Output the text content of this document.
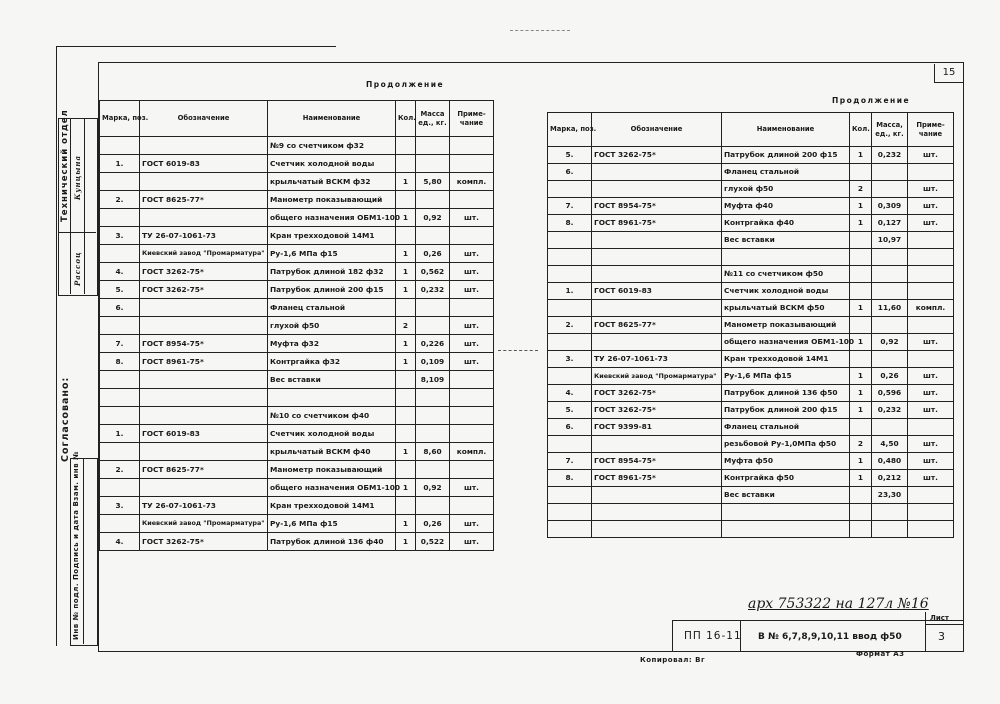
15
Технический отдел Кунцына
Рассоц
Согласовано:
Инв № подл. Подпись и дата Взам. инв №
Продолжение
Продолжение
Марка, поз.	Обозначение	Наименование	Кол.	Масса ед., кг.	Приме- чание
		№9 со счетчиком ф32			
1.	ГОСТ 6019-83	Счетчик холодной воды			
		крыльчатый ВСКМ ф32	1	5,80	компл.
2.	ГОСТ 8625-77*	Манометр показывающий			
		общего назначения ОБМ1-100	1	0,92	шт.
3.	ТУ 26-07-1061-73	Кран трехходовой 14М1			
	Киевский завод "Промарматура"	Pу-1,6 МПа ф15	1	0,26	шт.
4.	ГОСТ 3262-75*	Патрубок длиной 182 ф32	1	0,562	шт.
5.	ГОСТ 3262-75*	Патрубок длиной 200 ф15	1	0,232	шт.
6.		Фланец стальной			
		глухой ф50	2		шт.
7.	ГОСТ 8954-75*	Муфта ф32	1	0,226	шт.
8.	ГОСТ 8961-75*	Контргайка ф32	1	0,109	шт.
		Вес вставки		8,109	

		№10 со счетчиком ф40			
1.	ГОСТ 6019-83	Счетчик холодной воды			
		крыльчатый ВСКМ ф40	1	8,60	компл.
2.	ГОСТ 8625-77*	Манометр показывающий			
		общего назначения ОБМ1-100	1	0,92	шт.
3.	ТУ 26-07-1061-73	Кран трехходовой 14М1			
	Киевский завод "Промарматура"	Pу-1,6 МПа ф15	1	0,26	шт.
4.	ГОСТ 3262-75*	Патрубок длиной 136 ф40	1	0,522	шт.
Марка, поз.	Обозначение	Наименование	Кол.	Масса, ед., кг.	Приме- чание
5.	ГОСТ 3262-75*	Патрубок длиной 200 ф15	1	0,232	шт.
6.		Фланец стальной			
		глухой ф50	2		шт.
7.	ГОСТ 8954-75*	Муфта ф40	1	0,309	шт.
8.	ГОСТ 8961-75*	Контргайка ф40	1	0,127	шт.
		Вес вставки		10,97	

		№11 со счетчиком ф50			
1.	ГОСТ 6019-83	Счетчик холодной воды			
		крыльчатый ВСКМ ф50	1	11,60	компл.
2.	ГОСТ 8625-77*	Манометр показывающий			
		общего назначения ОБМ1-100	1	0,92	шт.
3.	ТУ 26-07-1061-73	Кран трехходовой 14М1			
	Киевский завод "Промарматура"	Pу-1,6 МПа ф15	1	0,26	шт.
4.	ГОСТ 3262-75*	Патрубок длиной 136 ф50	1	0,596	шт.
5.	ГОСТ 3262-75*	Патрубок длиной 200 ф15	1	0,232	шт.
6.	ГОСТ 9399-81	Фланец стальной			
		резьбовой Pу-1,0МПа ф50	2	4,50	шт.
7.	ГОСТ 8954-75*	Муфта ф50	1	0,480	шт.
8.	ГОСТ 8961-75*	Контргайка ф50	1	0,212	шт.
		Вес вставки		23,30	

арх 753322 на 127л №16
ПП 16-11 В № 6,7,8,9,10,11 ввод ф50
Лист
3
Копировал: Вг
Формат А3
